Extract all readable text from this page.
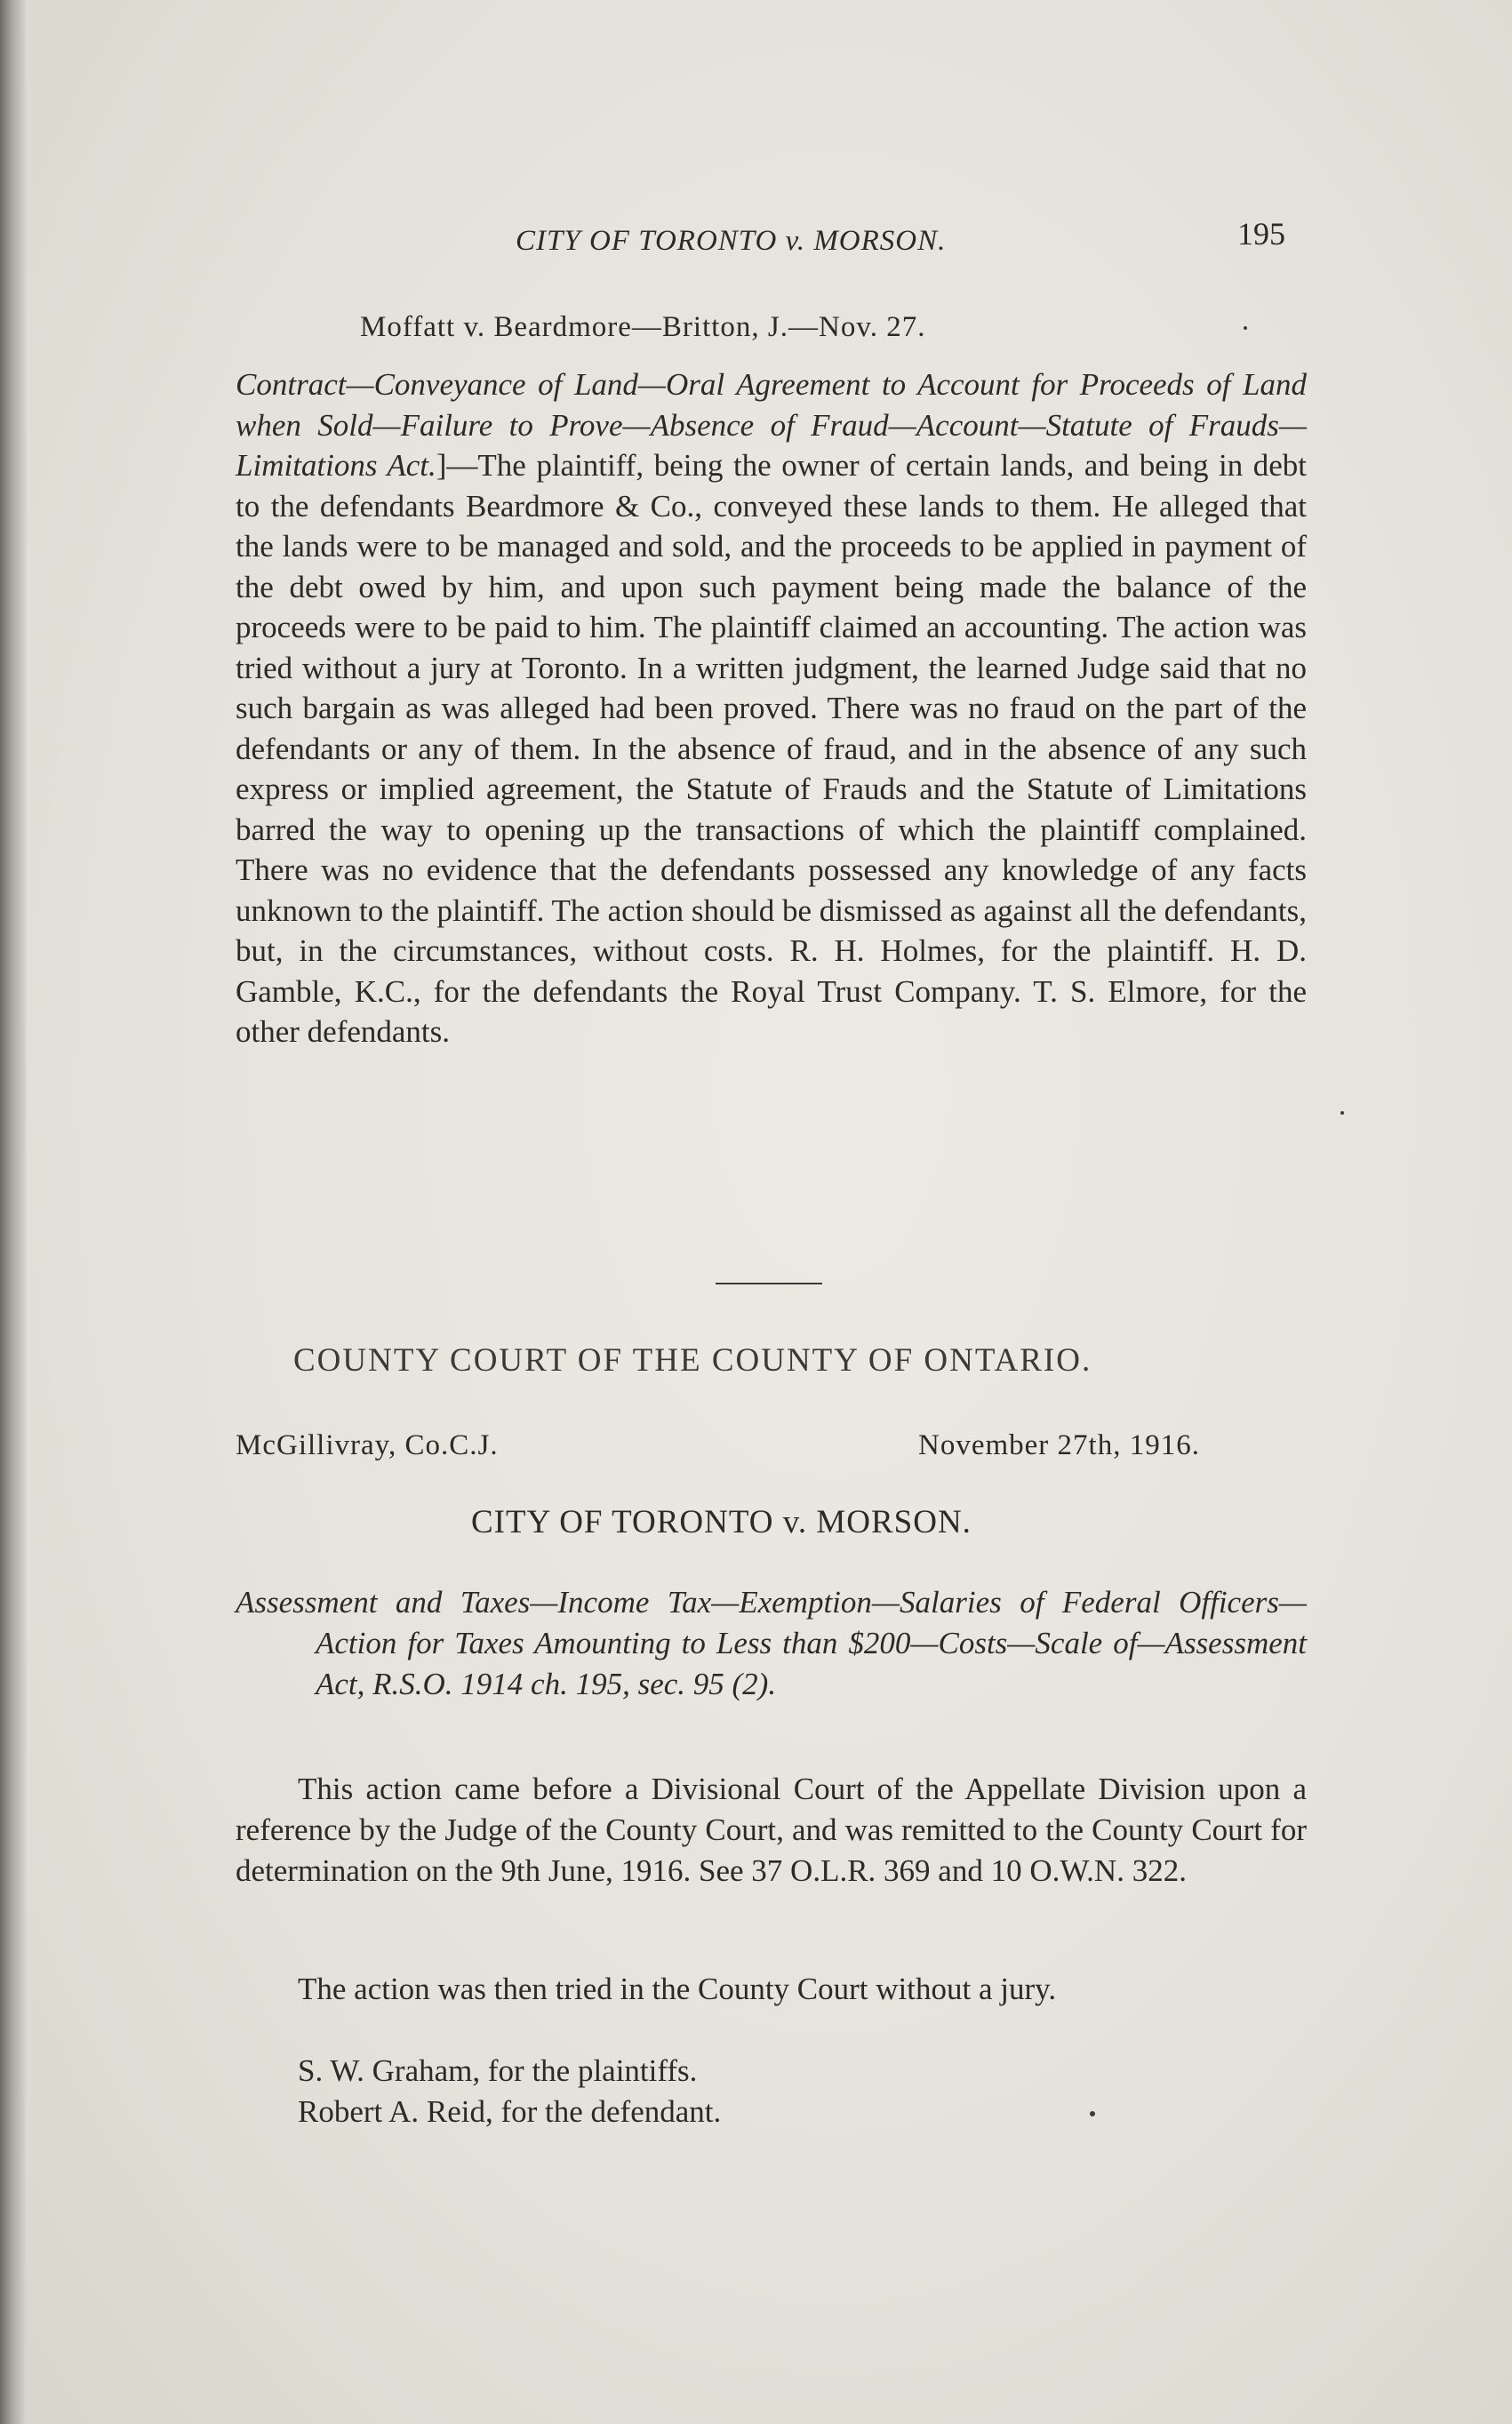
CITY OF TORONTO v. MORSON.	195
Moffatt v. Beardmore—Britton, J.—Nov. 27.
Contract—Conveyance of Land—Oral Agreement to Account for Proceeds of Land when Sold—Failure to Prove—Absence of Fraud—Account—Statute of Frauds—Limitations Act.]—The plaintiff, being the owner of certain lands, and being in debt to the defendants Beardmore & Co., conveyed these lands to them. He alleged that the lands were to be managed and sold, and the proceeds to be applied in payment of the debt owed by him, and upon such payment being made the balance of the proceeds were to be paid to him. The plaintiff claimed an accounting. The action was tried without a jury at Toronto. In a written judgment, the learned Judge said that no such bargain as was alleged had been proved. There was no fraud on the part of the defendants or any of them. In the absence of fraud, and in the absence of any such express or implied agreement, the Statute of Frauds and the Statute of Limitations barred the way to opening up the transactions of which the plaintiff complained. There was no evidence that the defendants possessed any knowledge of any facts unknown to the plaintiff. The action should be dismissed as against all the defendants, but, in the circumstances, without costs. R. H. Holmes, for the plaintiff. H. D. Gamble, K.C., for the defendants the Royal Trust Company. T. S. Elmore, for the other defendants.
COUNTY COURT OF THE COUNTY OF ONTARIO.
McGillivray, Co.C.J.	November 27th, 1916.
CITY OF TORONTO v. MORSON.
Assessment and Taxes—Income Tax—Exemption—Salaries of Federal Officers—Action for Taxes Amounting to Less than $200—Costs—Scale of—Assessment Act, R.S.O. 1914 ch. 195, sec. 95 (2).
This action came before a Divisional Court of the Appellate Division upon a reference by the Judge of the County Court, and was remitted to the County Court for determination on the 9th June, 1916. See 37 O.L.R. 369 and 10 O.W.N. 322.
The action was then tried in the County Court without a jury.
S. W. Graham, for the plaintiffs.
Robert A. Reid, for the defendant.
